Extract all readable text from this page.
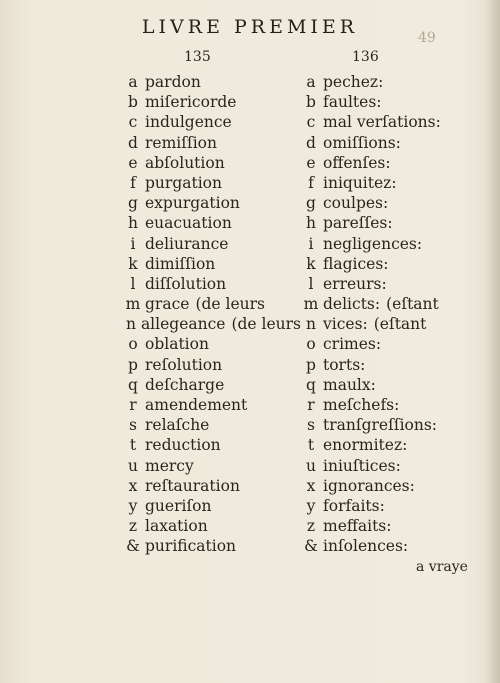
LIVRE PREMIER	49
135	136
a pardon
b miſericorde
c indulgence
d remiſſion
e abſolution
f purgation
g expurgation
h euacuation
i deliurance
k dimiſſion
l diſſolution
m grace (de leurs
n allegeance (de leurs
o oblation
p reſolution
q deſcharge
r amendement
s relaſche
t reduction
u mercy
x reſtauration
y gueriſon
z laxation
& purification
a pechez:
b faultes:
c mal verſations:
d omiſſions:
e offenſes:
f iniquitez:
g coulpes:
h pareſſes:
i negligences:
k flagices:
l erreurs:
m delicts: (eſtant
n vices: (eſtant
o crimes:
p torts:
q maulx:
r meſchefs:
s tranſgreſſions:
t enormitez:
u iniuſtices:
x ignorances:
y forfaits:
z meffaits:
& inſolences:
a vraye
